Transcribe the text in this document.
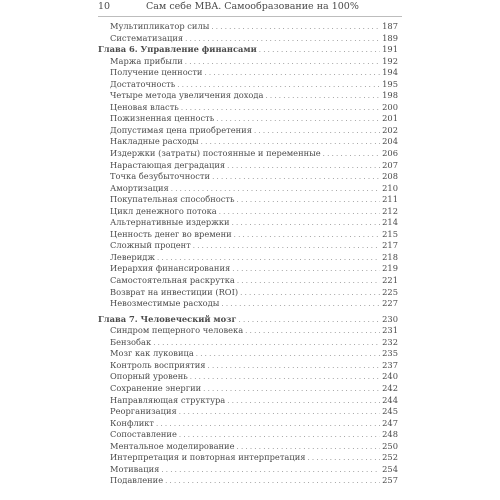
10	Сам себе MBA. Самообразование на 100%
Мультипликатор силы . . .	187
Систематизация . . .	189
Глава 6. Управление финансами . . .	191
Маржа прибыли . . .	192
Получение ценности . . .	194
Достаточность . . .	195
Четыре метода увеличения дохода . . .	198
Ценовая власть . . .	200
Пожизненная ценность . . .	201
Допустимая цена приобретения . . .	202
Накладные расходы . . .	204
Издержки (затраты) постоянные и переменные . . .	206
Нарастающая деградация . . .	207
Точка безубыточности . . .	208
Амортизация . . .	210
Покупательная способность . . .	211
Цикл денежного потока . . .	212
Альтернативные издержки . . .	214
Ценность денег во времени . . .	215
Сложный процент . . .	217
Леверидж . . .	218
Иерархия финансирования . . .	219
Самостоятельная раскрутка . . .	221
Возврат на инвестиции (ROI) . . .	225
Невозместимые расходы . . .	227
Глава 7. Человеческий мозг . . .	230
Синдром пещерного человека . . .	231
Бензобак . . .	232
Мозг как луковица . . .	235
Контроль восприятия . . .	237
Опорный уровень . . .	240
Сохранение энергии . . .	242
Направляющая структура . . .	244
Реорганизация . . .	245
Конфликт . . .	247
Сопоставление . . .	248
Ментальное моделирование . . .	250
Интерпретация и повторная интерпретация . . .	252
Мотивация . . .	254
Подавление . . .	257
